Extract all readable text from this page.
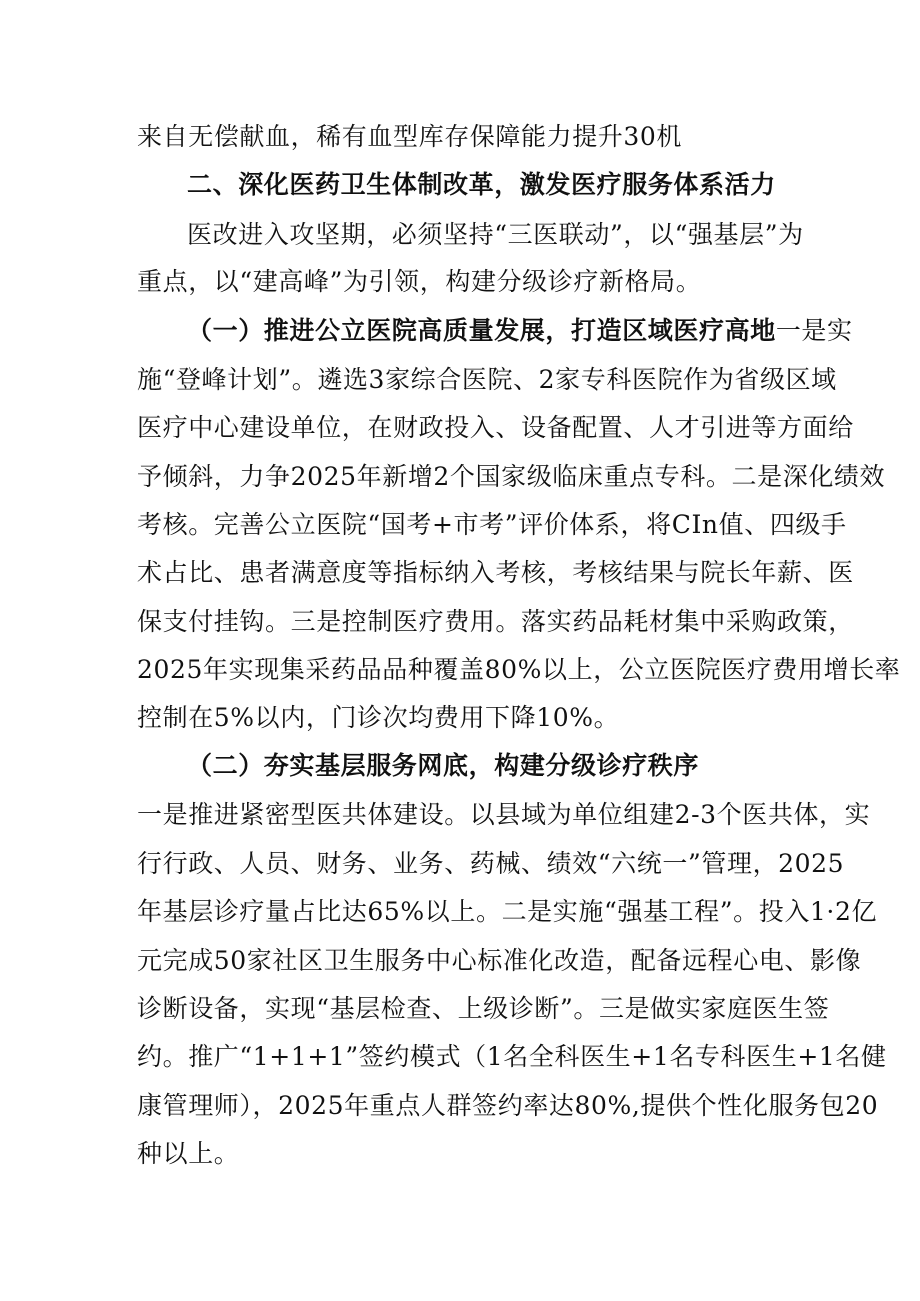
来自无偿献血，稀有血型库存保障能力提升30机
二、深化医药卫生体制改革，激发医疗服务体系活力
医改进入攻坚期，必须坚持“三医联动”，以“强基层”为
重点，以“建高峰”为引领，构建分级诊疗新格局。
（一）推进公立医院高质量发展，打造区域医疗高地一是实
施“登峰计划”。遴选3家综合医院、2家专科医院作为省级区域
医疗中心建设单位，在财政投入、设备配置、人才引进等方面给
予倾斜，力争2025年新增2个国家级临床重点专科。二是深化绩效
考核。完善公立医院“国考+市考”评价体系，将CIn值、四级手
术占比、患者满意度等指标纳入考核，考核结果与院长年薪、医
保支付挂钩。三是控制医疗费用。落实药品耗材集中采购政策，
2025年实现集采药品品种覆盖80%以上，公立医院医疗费用增长率
控制在5%以内，门诊次均费用下降10%。
（二）夯实基层服务网底，构建分级诊疗秩序
一是推进紧密型医共体建设。以县域为单位组建2-3个医共体，实
行行政、人员、财务、业务、药械、绩效“六统一”管理，2025
年基层诊疗量占比达65%以上。二是实施“强基工程”。投入1·2亿
元完成50家社区卫生服务中心标准化改造，配备远程心电、影像
诊断设备，实现“基层检查、上级诊断”。三是做实家庭医生签
约。推广“1+1+1”签约模式（1名全科医生+1名专科医生+1名健
康管理师），2025年重点人群签约率达80%,提供个性化服务包20
种以上。
